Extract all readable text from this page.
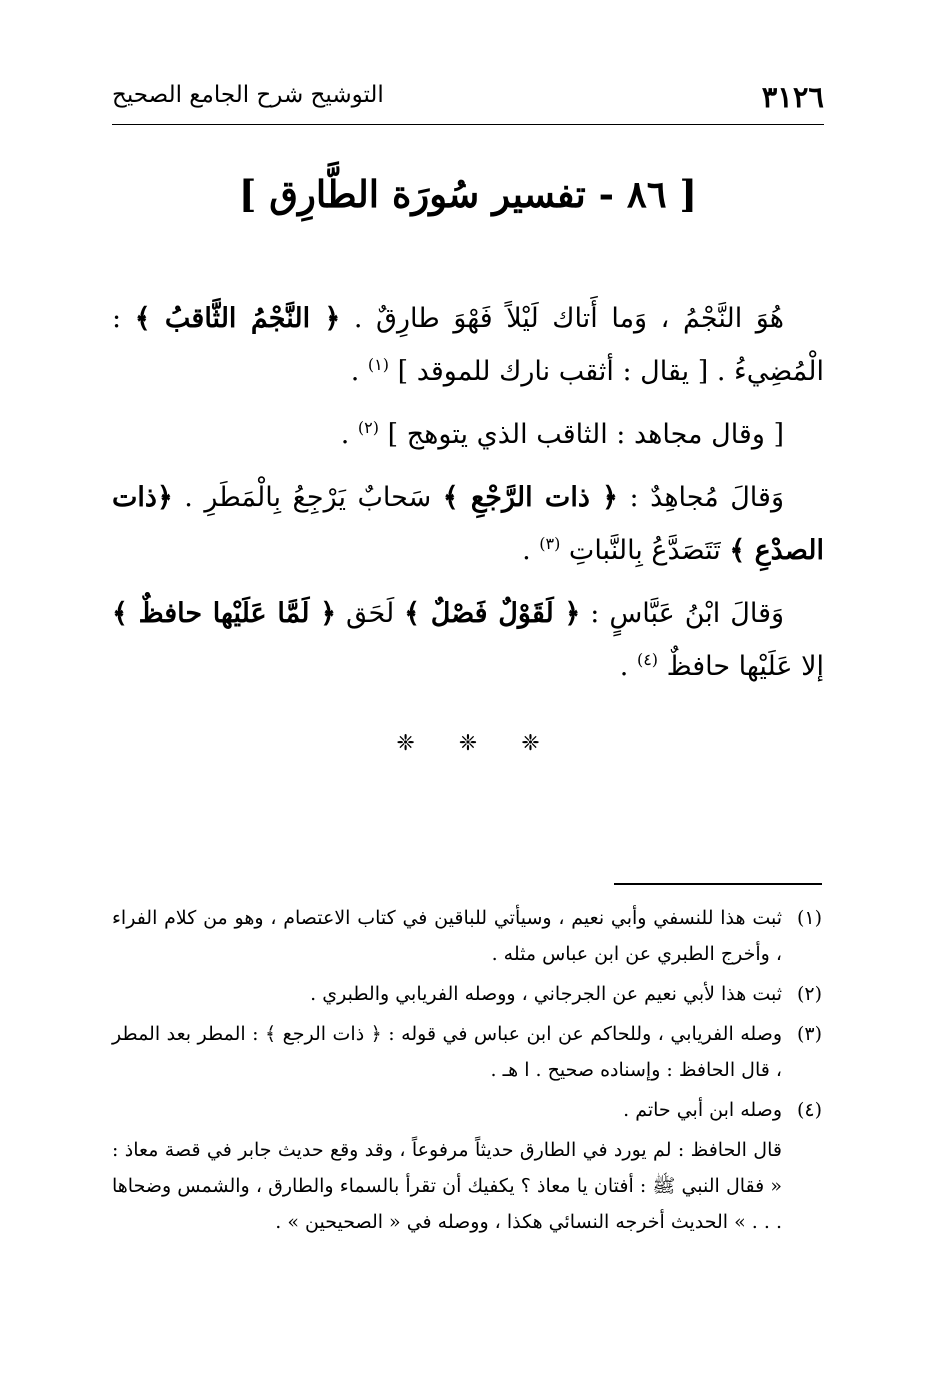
٣١٢٦
التوشيح شرح الجامع الصحيح
[ ٨٦ - تفسير سُورَة الطَّارِق ]

هُوَ النَّجْمُ ، وَما أَتاك لَيْلاً فَهْوَ طارِقٌ . ﴿ النَّجْمُ الثَّاقبُ ﴾ : الْمُضِيءُ . [ يقال : أثقب نارك للموقد ] $^{(١)}$ .

[ وقال مجاهد : الثاقب الذي يتوهج ] $^{(٢)}$ .

وَقالَ مُجاهِدٌ : ﴿ ذات الرَّجْعِ ﴾ سَحابٌ يَرْجِعُ بِالْمَطَرِ . ﴿ذات الصدْعِ ﴾ تَتَصَدَّعُ بِالنَّباتِ $^{(٣)}$ .

وَقالَ ابْنُ عَبَّاسٍ : ﴿ لَقَوْلٌ فَصْلٌ ﴾ لَحَق ﴿ لَمَّا عَلَيْها حافظٌ ﴾ إلا عَلَيْها حافظٌ $^{(٤)}$ .

❈ ❈ ❈

(١)ثبت هذا للنسفي وأبي نعيم ، وسيأتي للباقين في كتاب الاعتصام ، وهو من كلام الفراء ، وأخرج الطبري عن ابن عباس مثله .

(٢)ثبت هذا لأبي نعيم عن الجرجاني ، ووصله الفريابي والطبري .

(٣)وصله الفريابي ، وللحاكم عن ابن عباس في قوله : ﴿ ذات الرجع ﴾ : المطر بعد المطر ، قال الحافظ : وإسناده صحيح . ا هـ .

(٤)وصله ابن أبي حاتم .

قال الحافظ : لم يورد في الطارق حديثاً مرفوعاً ، وقد وقع حديث جابر في قصة معاذ : « فقال النبي ﷺ : أفتان يا معاذ ؟ يكفيك أن تقرأ بالسماء والطارق ، والشمس وضحاها . . . » الحديث أخرجه النسائي هكذا ، ووصله في « الصحيحين » .
